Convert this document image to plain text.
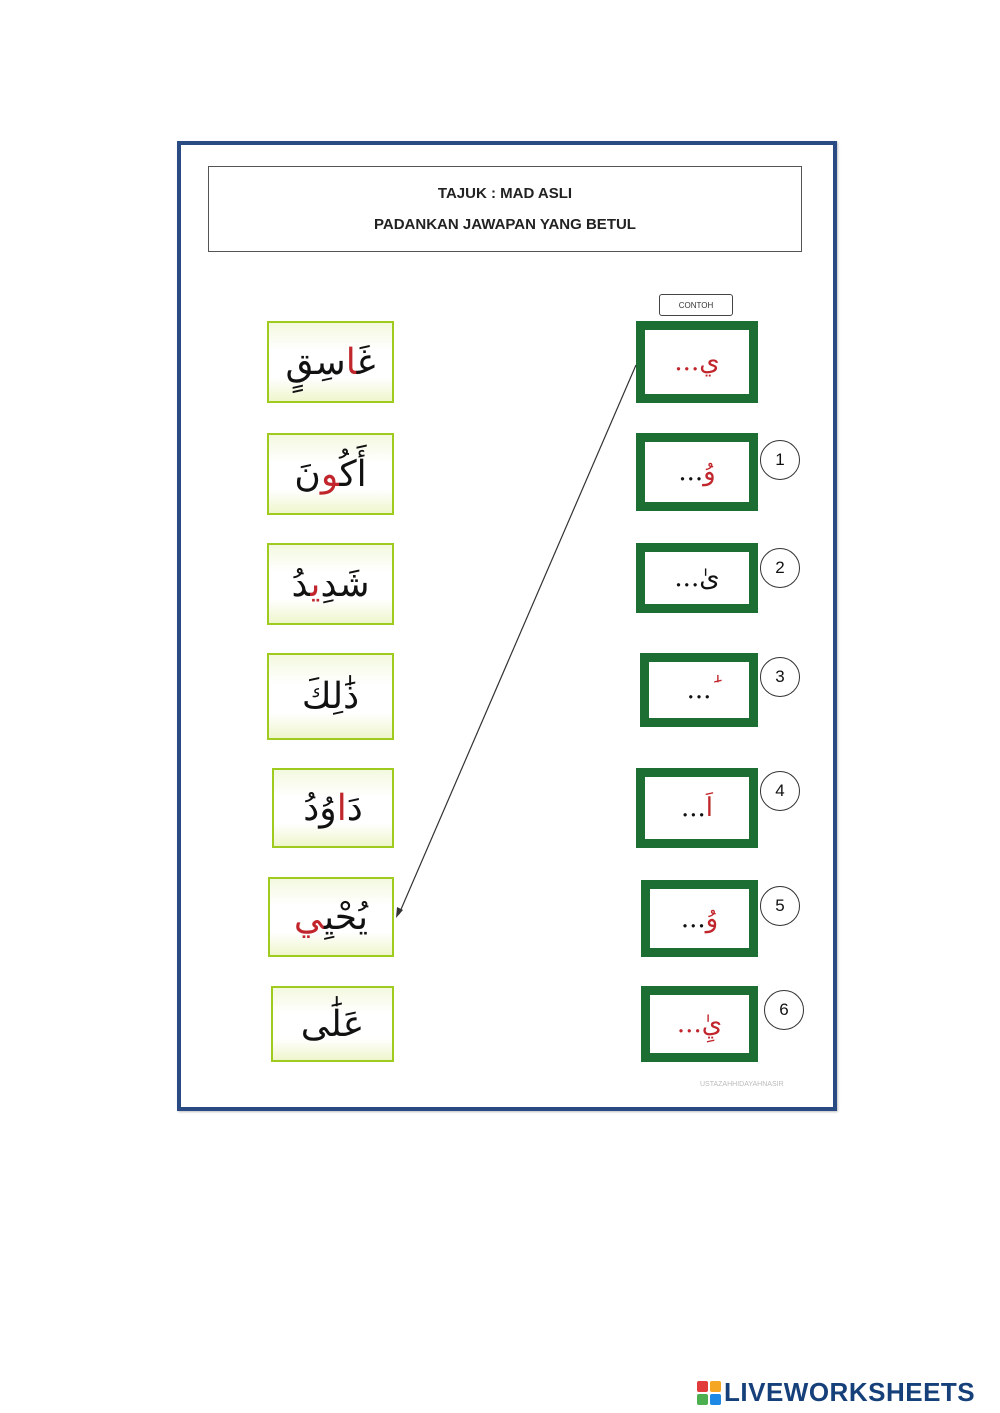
TAJUK : MAD ASLI
PADANKAN JAWAPAN YANG BETUL
CONTOH
غَاسِقٍ
أَكُونَ
شَدِيدُ
ذَلِكَ
دَاوُدُ
يُحْيِي
عَلَى
ي...
و...	1
ى...	2
...	3
ا...
4
و...	5
يٰ...	6
USTAZAHHIDAYAHNASIR
LIVEWORKSHEETS
